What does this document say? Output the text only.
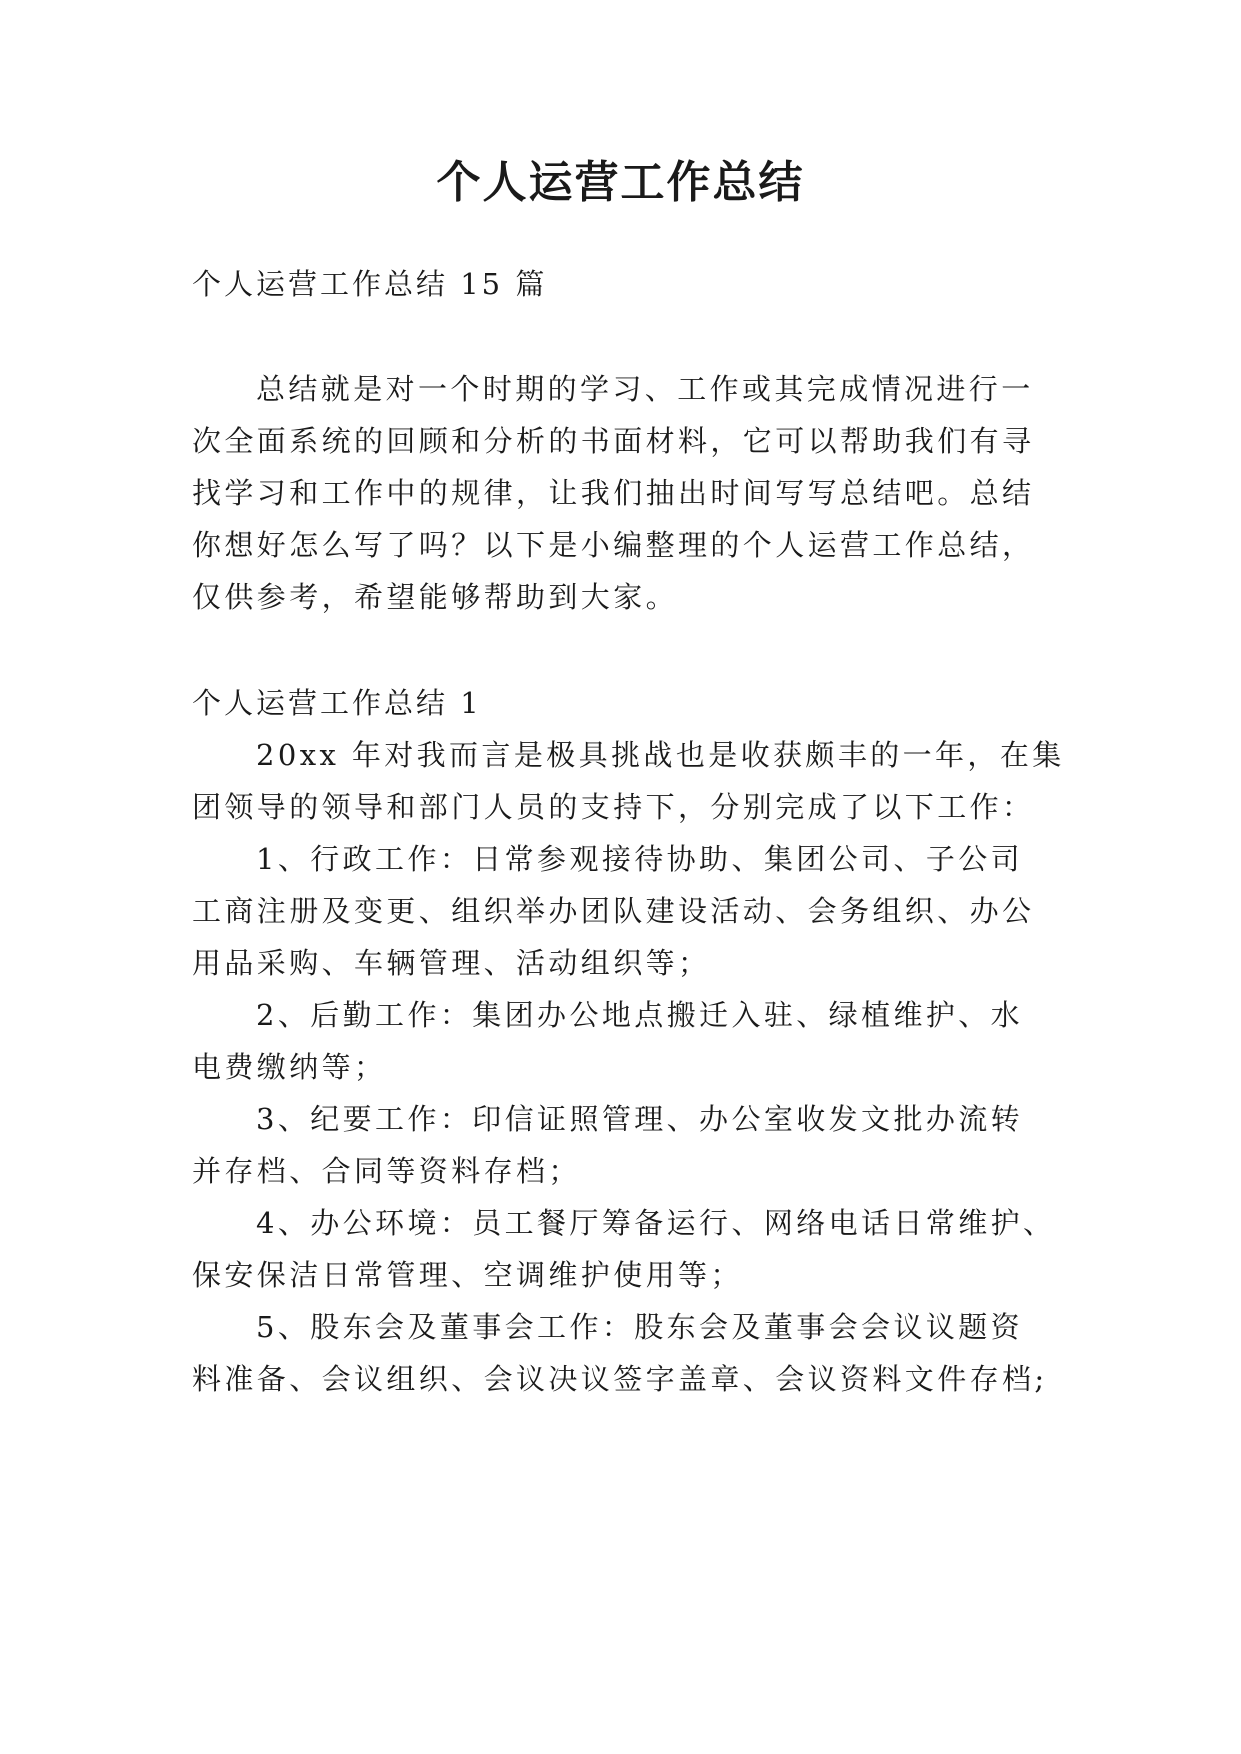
个人运营工作总结
个人运营工作总结 15 篇
总结就是对一个时期的学习、工作或其完成情况进行一
次全面系统的回顾和分析的书面材料，它可以帮助我们有寻
找学习和工作中的规律，让我们抽出时间写写总结吧。总结
你想好怎么写了吗？以下是小编整理的个人运营工作总结，
仅供参考，希望能够帮助到大家。
个人运营工作总结 1
20xx 年对我而言是极具挑战也是收获颇丰的一年，在集
团领导的领导和部门人员的支持下，分别完成了以下工作：
1、行政工作：日常参观接待协助、集团公司、子公司
工商注册及变更、组织举办团队建设活动、会务组织、办公
用品采购、车辆管理、活动组织等；
2、后勤工作：集团办公地点搬迁入驻、绿植维护、水
电费缴纳等；
3、纪要工作：印信证照管理、办公室收发文批办流转
并存档、合同等资料存档；
4、办公环境：员工餐厅筹备运行、网络电话日常维护、
保安保洁日常管理、空调维护使用等；
5、股东会及董事会工作：股东会及董事会会议议题资
料准备、会议组织、会议决议签字盖章、会议资料文件存档;
